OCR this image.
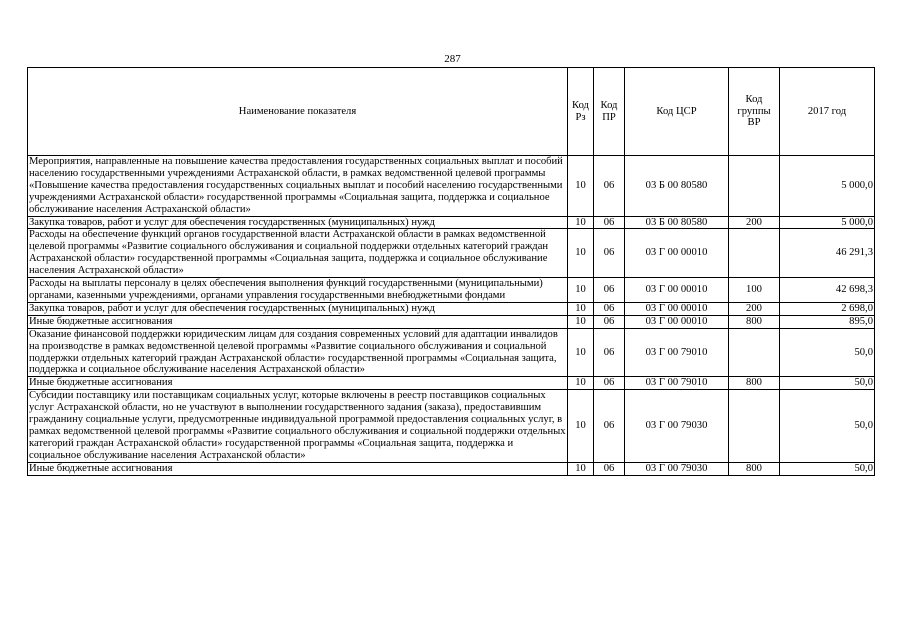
287
Наименование показателя	Код Рз	Код ПР	Код ЦСР	Код группы ВР	2017 год
Мероприятия, направленные на повышение качества предоставления государственных социальных выплат и пособий населению государственными учреждениями Астраханской области, в рамках ведомственной целевой программы «Повышение качества предоставления государственных социальных выплат и пособий населению государственными учреждениями Астраханской области» государственной программы «Социальная защита, поддержка и социальное обслуживание населения Астраханской области»	10	06	03 Б 00 80580		5 000,0
Закупка товаров, работ и услуг для обеспечения государственных (муниципальных) нужд	10	06	03 Б 00 80580	200	5 000,0
Расходы на обеспечение функций органов государственной власти Астраханской области в рамках ведомственной целевой программы «Развитие социального обслуживания и социальной поддержки отдельных категорий граждан Астраханской области» государственной программы «Социальная защита, поддержка и социальное обслуживание населения Астраханской области»	10	06	03 Г 00 00010		46 291,3
Расходы на выплаты персоналу в целях обеспечения выполнения функций государственными (муниципальными) органами, казенными учреждениями, органами управления государственными внебюджетными фондами	10	06	03 Г 00 00010	100	42 698,3
Закупка товаров, работ и услуг для обеспечения государственных (муниципальных) нужд	10	06	03 Г 00 00010	200	2 698,0
Иные бюджетные ассигнования	10	06	03 Г 00 00010	800	895,0
Оказание финансовой поддержки юридическим лицам для создания современных условий для адаптации инвалидов на производстве в рамках ведомственной целевой программы «Развитие социального обслуживания и социальной поддержки отдельных категорий граждан Астраханской области» государственной программы «Социальная защита, поддержка и социальное обслуживание населения Астраханской области»	10	06	03 Г 00 79010		50,0
Иные бюджетные ассигнования	10	06	03 Г 00 79010	800	50,0
Субсидии поставщику или поставщикам социальных услуг, которые включены в реестр поставщиков социальных услуг Астраханской области, но не участвуют в выполнении государственного задания (заказа), предоставившим гражданину социальные услуги, предусмотренные индивидуальной программой предоставления социальных услуг, в рамках ведомственной целевой программы «Развитие социального обслуживания и социальной поддержки отдельных категорий граждан Астраханской области» государственной программы «Социальная защита, поддержка и социальное обслуживание населения Астраханской области»	10	06	03 Г 00 79030		50,0
Иные бюджетные ассигнования	10	06	03 Г 00 79030	800	50,0
